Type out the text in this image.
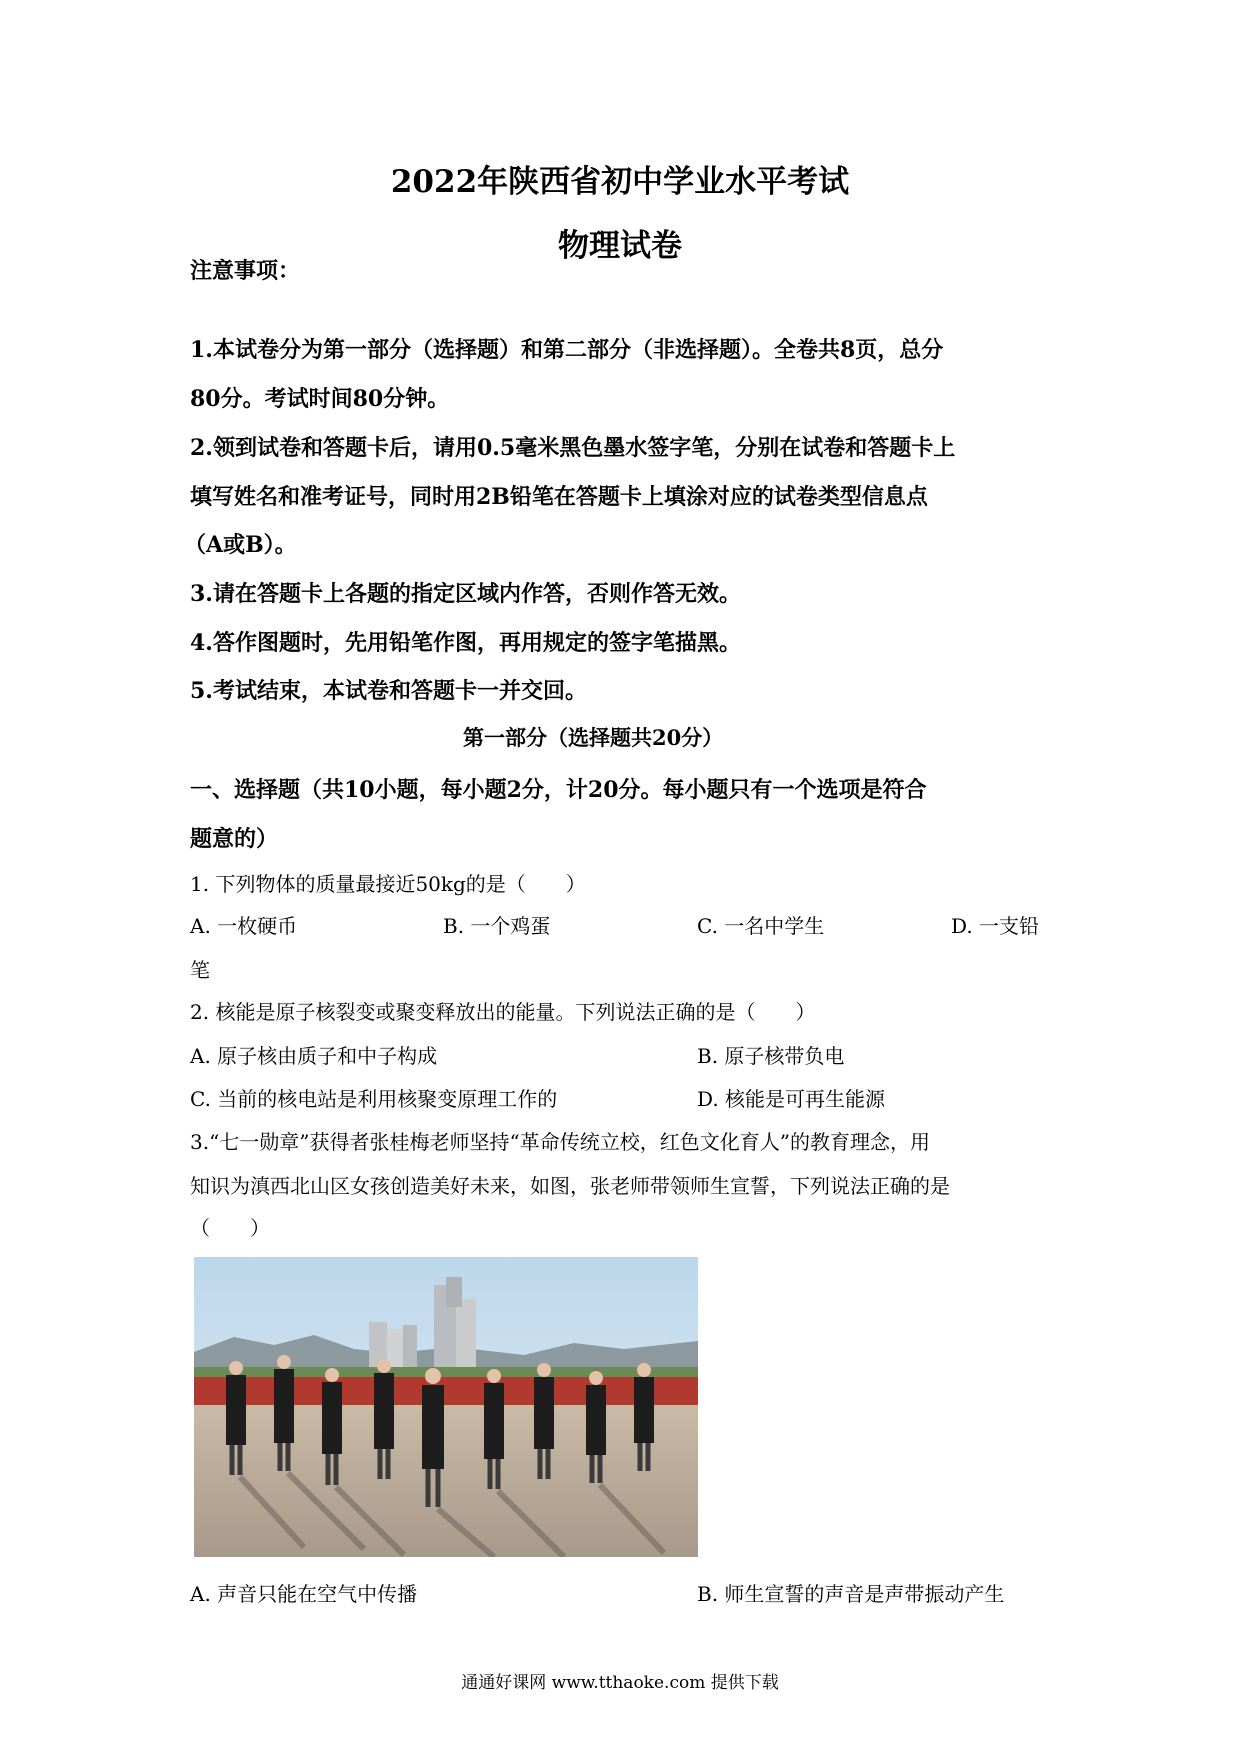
2022年陕西省初中学业水平考试
物理试卷
注意事项：
1.本试卷分为第一部分（选择题）和第二部分（非选择题）。全卷共8页，总分
80分。考试时间80分钟。
2.领到试卷和答题卡后，请用0.5毫米黑色墨水签字笔，分别在试卷和答题卡上
填写姓名和准考证号，同时用2B铅笔在答题卡上填涂对应的试卷类型信息点
（A或B）。
3.请在答题卡上各题的指定区域内作答，否则作答无效。
4.答作图题时，先用铅笔作图，再用规定的签字笔描黑。
5.考试结束，本试卷和答题卡一并交回。
第一部分（选择题共20分）
一、选择题（共10小题，每小题2分，计20分。每小题只有一个选项是符合
题意的）
1. 下列物体的质量最接近50kg的是（　　）
A. 一枚硬币	B. 一个鸡蛋	C. 一名中学生	D. 一支铅
笔
2. 核能是原子核裂变或聚变释放出的能量。下列说法正确的是（　　）
A. 原子核由质子和中子构成	B. 原子核带负电
C. 当前的核电站是利用核聚变原理工作的	D. 核能是可再生能源
3.“七一勋章”获得者张桂梅老师坚持“革命传统立校，红色文化育人”的教育理念，用
知识为滇西北山区女孩创造美好未来，如图，张老师带领师生宣誓，下列说法正确的是
（　　）
A. 声音只能在空气中传播	B. 师生宣誓的声音是声带振动产生
通通好课网 www.tthaoke.com 提供下载
